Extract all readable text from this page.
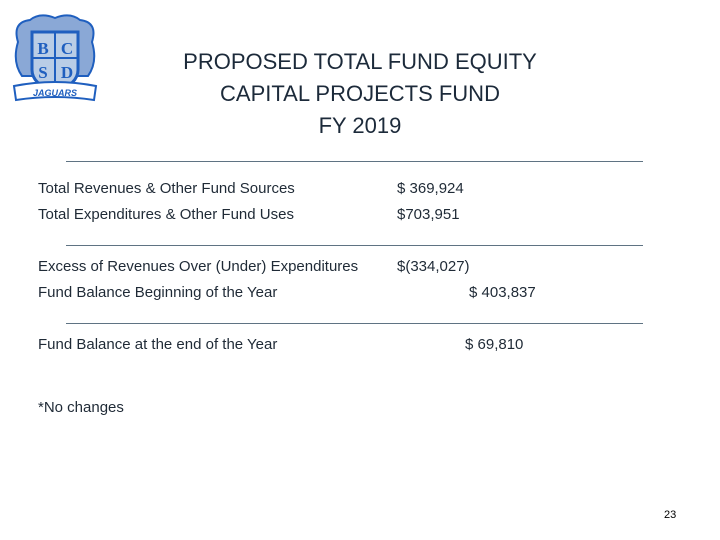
B C
S D
JAGUARS
PROPOSED TOTAL FUND EQUITY
CAPITAL PROJECTS FUND
FY 2019
Total Revenues & Other Fund Sources	$ 369,924
Total Expenditures & Other Fund Uses	$703,951
Excess of Revenues Over (Under) Expenditures	$(334,027)
Fund Balance Beginning of the Year	$ 403,837
Fund Balance at the end of the Year	$ 69,810
*No changes
23
